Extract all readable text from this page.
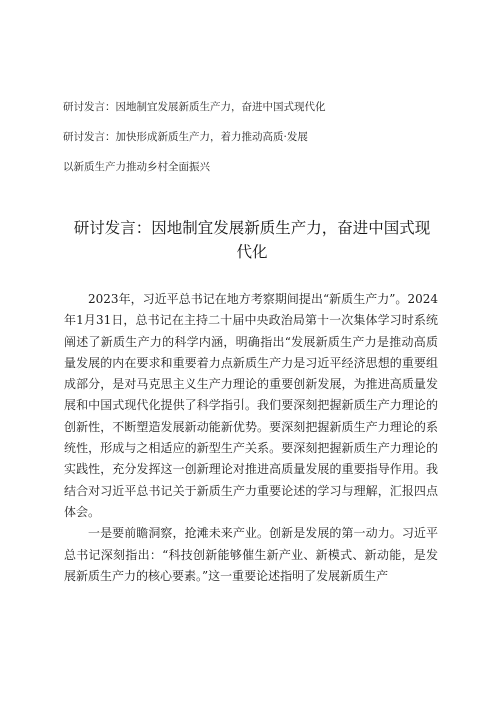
研讨发言：因地制宜发展新质生产力，奋进中国式现代化
研讨发言：加快形成新质生产力，着力推动高质·发展
以新质生产力推动乡村全面振兴
研讨发言：因地制宜发展新质生产力，奋进中国式现代化

2023年，习近平总书记在地方考察期间提出“新质生产力”。2024年1月31日，总书记在主持二十届中央政治局第十一次集体学习时系统阐述了新质生产力的科学内涵，明确指出“发展新质生产力是推动高质量发展的内在要求和重要着力点新质生产力是习近平经济思想的重要组成部分，是对马克思主义生产力理论的重要创新发展，为推进高质量发展和中国式现代化提供了科学指引。我们要深刻把握新质生产力理论的创新性，不断塑造发展新动能新优势。要深刻把握新质生产力理论的系统性，形成与之相适应的新型生产关系。要深刻把握新质生产力理论的实践性，充分发挥这一创新理论对推进高质量发展的重要指导作用。我结合对习近平总书记关于新质生产力重要论述的学习与理解，汇报四点体会。

一是要前瞻洞察，抢滩未来产业。创新是发展的第一动力。习近平总书记深刻指出：“科技创新能够催生新产业、新模式、新动能，是发展新质生产力的核心要素。”这一重要论述指明了发展新质生产
